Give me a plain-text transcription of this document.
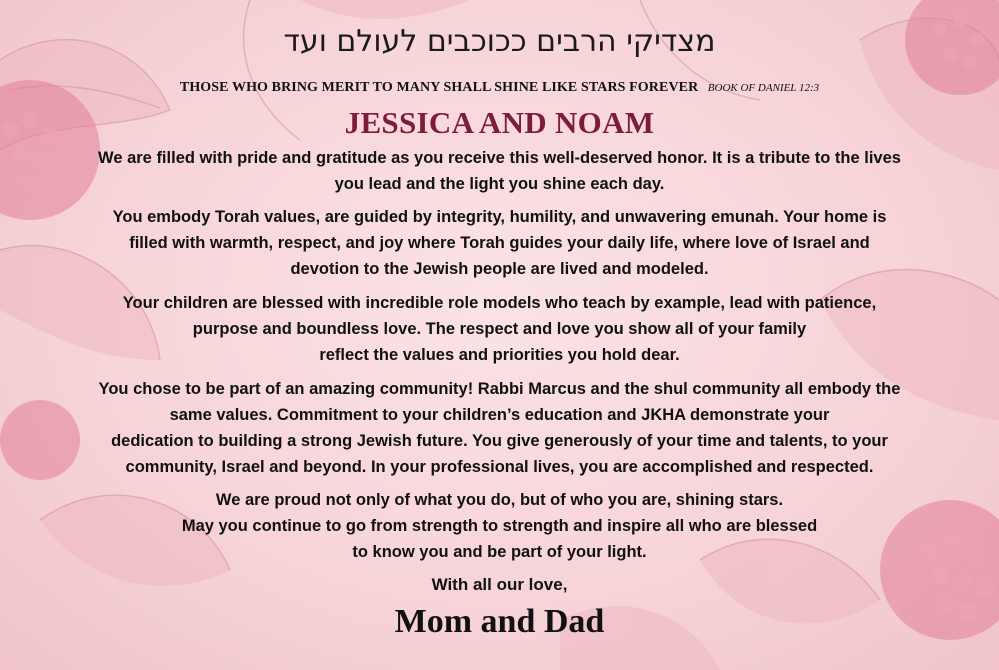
מצדיקי הרבים ככוכבים לעולם ועד
THOSE WHO BRING MERIT TO MANY SHALL SHINE LIKE STARS FOREVER BOOK OF DANIEL 12:3
JESSICA AND NOAM
We are filled with pride and gratitude as you receive this well-deserved honor. It is a tribute to the lives
you lead and the light you shine each day.
You embody Torah values, are guided by integrity, humility, and unwavering emunah. Your home is
filled with warmth, respect, and joy where Torah guides your daily life, where love of Israel and
devotion to the Jewish people are lived and modeled.
Your children are blessed with incredible role models who teach by example, lead with patience,
purpose and boundless love. The respect and love you show all of your family
reflect the values and priorities you hold dear.
You chose to be part of an amazing community! Rabbi Marcus and the shul community all embody the
same values. Commitment to your children’s education and JKHA demonstrate your
dedication to building a strong Jewish future. You give generously of your time and talents, to your
community, Israel and beyond. In your professional lives, you are accomplished and respected.
We are proud not only of what you do, but of who you are, shining stars.
May you continue to go from strength to strength and inspire all who are blessed
to know you and be part of your light.
With all our love,
Mom and Dad
